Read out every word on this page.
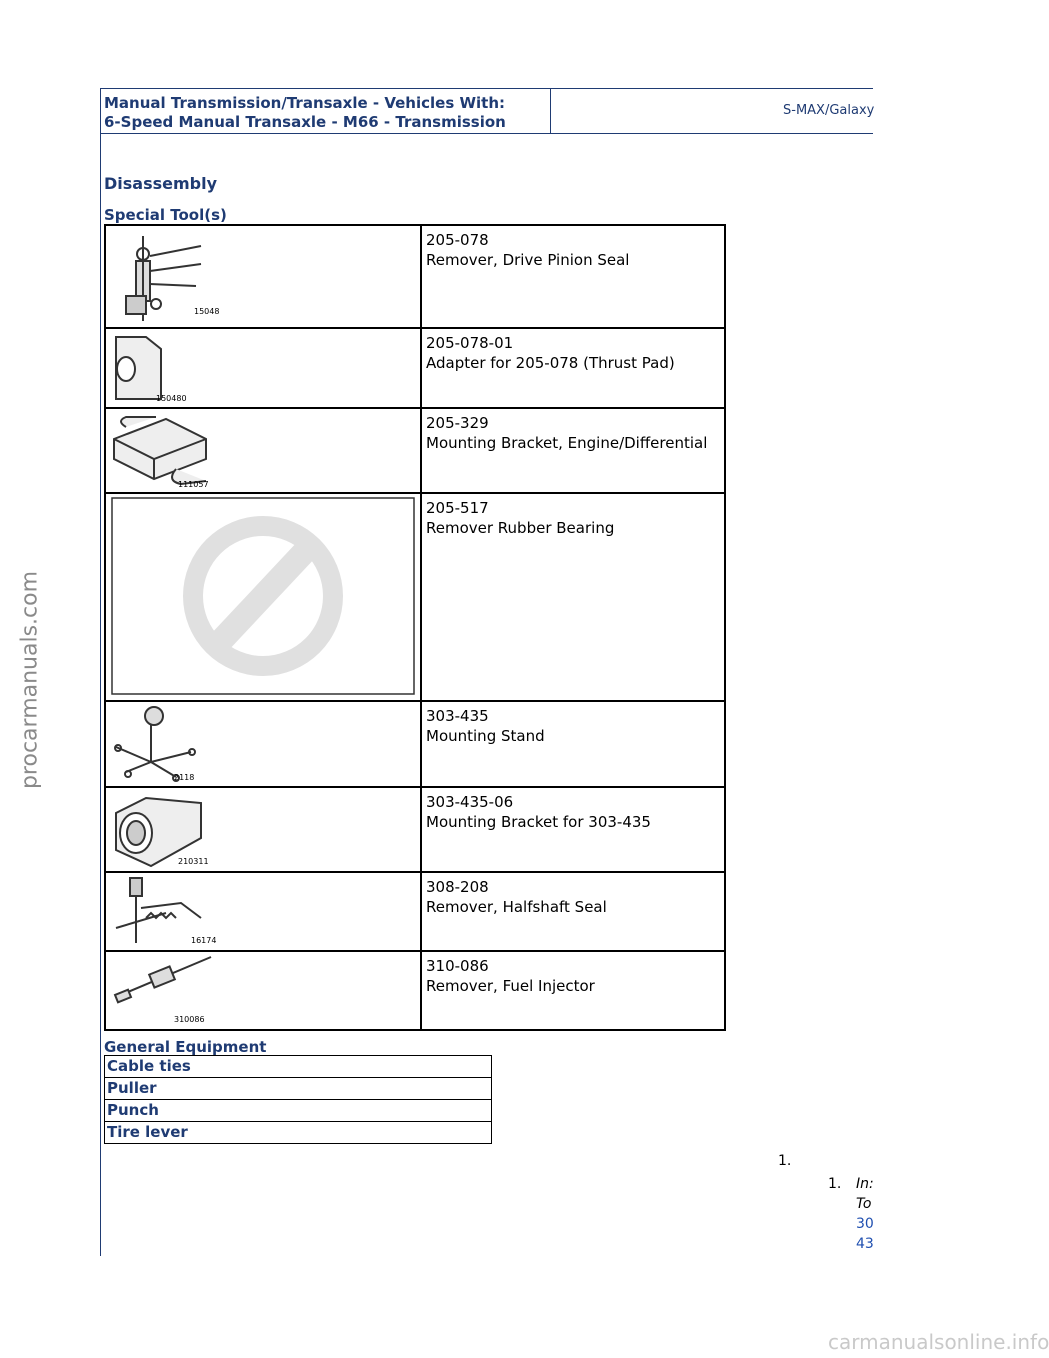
procarmanuals.com
Manual Transmission/Transaxle - Vehicles With:
6-Speed Manual Transaxle - M66 - Transmission
S-MAX/Galaxy
Disassembly
Special Tool(s)
15048
205-078
Remover, Drive Pinion Seal
150480
205-078-01
Adapter for 205-078 (Thrust Pad)
111057
205-329
Mounting Bracket, Engine/Differential
205-517
Remover Rubber Bearing
2118
303-435
Mounting Stand
210311
303-435-06
Mounting Bracket for 303-435
16174
308-208
Remover, Halfshaft Seal
310086
310-086
Remover, Fuel Injector
General Equipment
Cable ties
Puller
Punch
Tire lever
1.
1. In:
To
30
43
carmanualsonline.info
